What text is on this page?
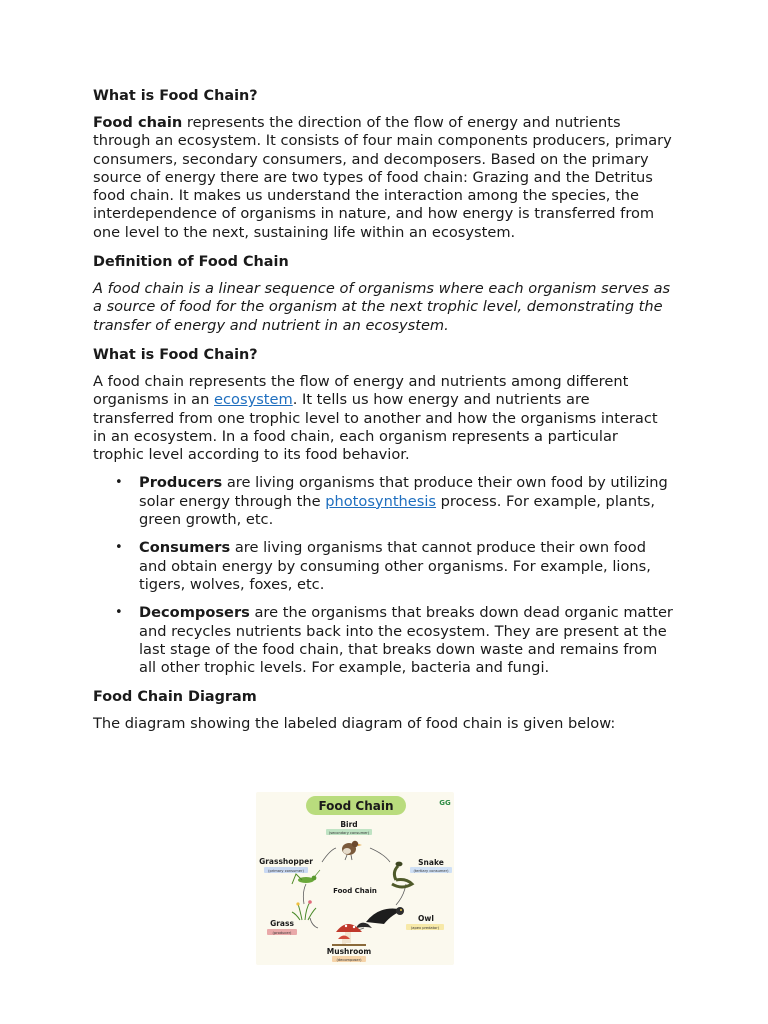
What is Food Chain?

Food chain represents the direction of the flow of energy and nutrients through an ecosystem. It consists of four main components producers, primary consumers, secondary consumers, and decomposers. Based on the primary source of energy there are two types of food chain: Grazing and the Detritus food chain. It makes us understand the interaction among the species, the interdependence of organisms in nature, and how energy is transferred from one level to the next, sustaining life within an ecosystem.

Definition of Food Chain

A food chain is a linear sequence of organisms where each organism serves as a source of food for the organism at the next trophic level, demonstrating the transfer of energy and nutrient in an ecosystem.

What is Food Chain?

A food chain represents the flow of energy and nutrients among different organisms in an ecosystem. It tells us how energy and nutrients are transferred from one trophic level to another and how the organisms interact in an ecosystem. In a food chain, each organism represents a particular trophic level according to its food behavior.

• Producers are living organisms that produce their own food by utilizing solar energy through the photosynthesis process. For example, plants, green growth, etc.
• Consumers are living organisms that cannot produce their own food and obtain energy by consuming other organisms. For example, lions, tigers, wolves, foxes, etc.
• Decomposers are the organisms that breaks down dead organic matter and recycles nutrients back into the ecosystem. They are present at the last stage of the food chain, that breaks down waste and remains from all other trophic levels. For example, bacteria and fungi.
Food Chain Diagram

The diagram showing the labeled diagram of food chain is given below:

Food Chain	GG
Food Chain
Bird
(secondary consumer)
Snake
(tertiary consumer)
Owl
(apex predator)
Mushroom
(decomposer)
Grass
(producer)
Grasshopper
(primary consumer)
